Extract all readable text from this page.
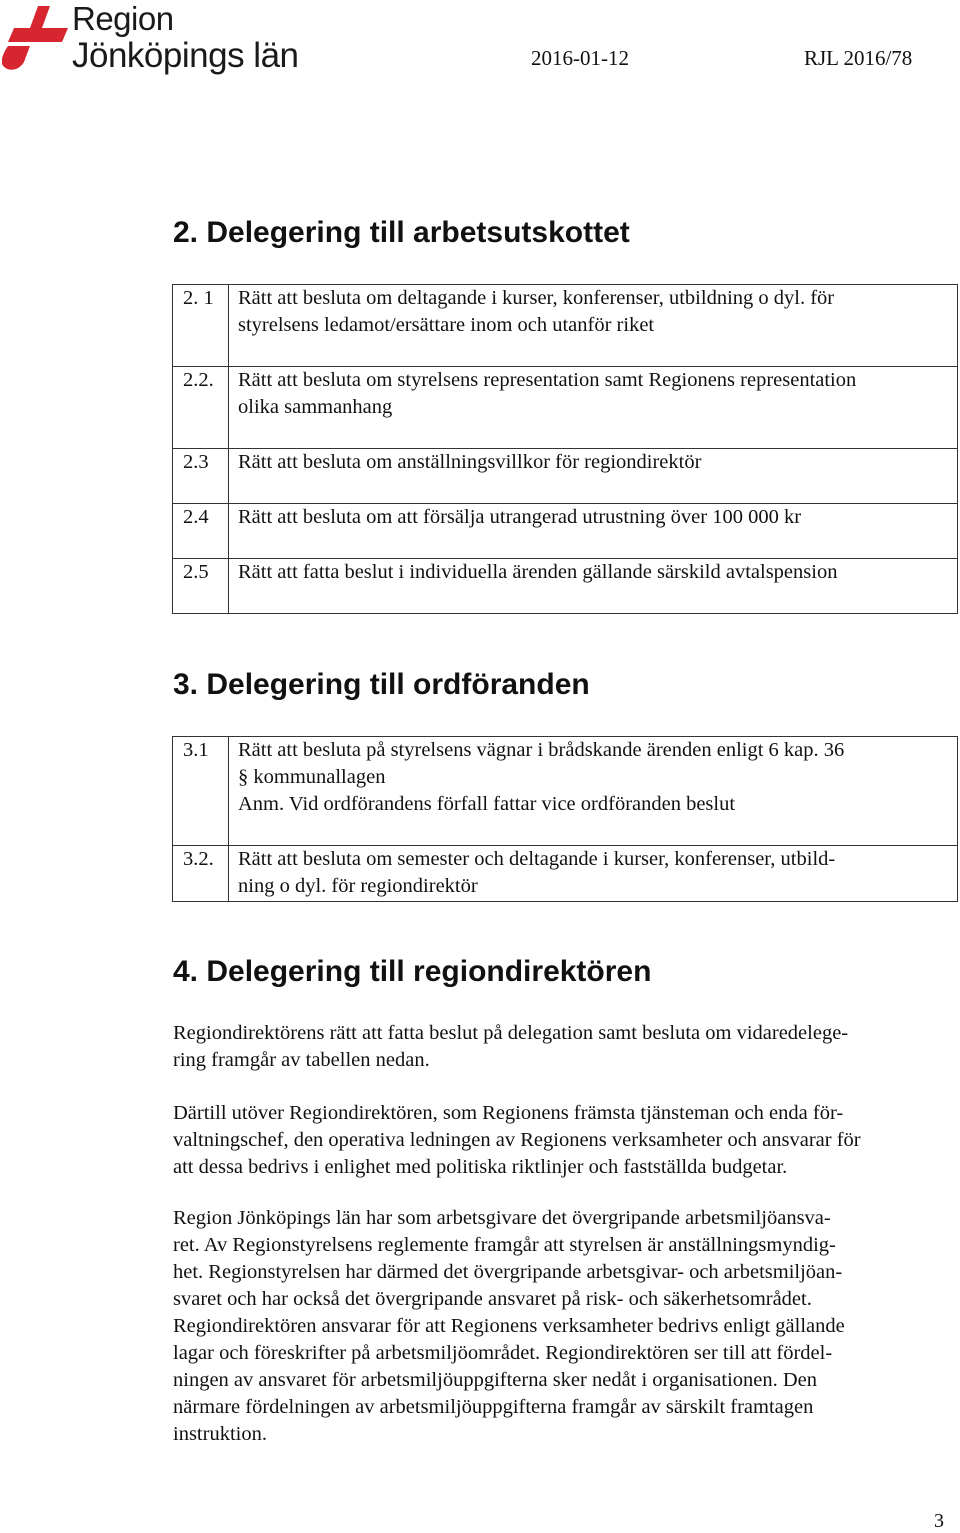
Region
Jönköpings län	2016-01-12	RJL 2016/78
2. Delegering till arbetsutskottet
2. 1	Rätt att besluta om deltagande i kurser, konferenser, utbildning o dyl. för
styrelsens ledamot/ersättare inom och utanför riket

2.2.	Rätt att besluta om styrelsens representation samt Regionens representation
olika sammanhang

2.3	Rätt att besluta om anställningsvillkor för regiondirektör

2.4	Rätt att besluta om att försälja utrangerad utrustning över 100 000 kr

2.5	Rätt att fatta beslut i individuella ärenden gällande särskild avtalspension
3. Delegering till ordföranden
3.1	Rätt att besluta på styrelsens vägnar i brådskande ärenden enligt 6 kap. 36
§ kommunallagen
Anm. Vid ordförandens förfall fattar vice ordföranden beslut

3.2.	Rätt att besluta om semester och deltagande i kurser, konferenser, utbild-
ning o dyl. för regiondirektör
4. Delegering till regiondirektören

Regiondirektörens rätt att fatta beslut på delegation samt besluta om vidaredelege-
ring framgår av tabellen nedan.

Därtill utöver Regiondirektören, som Regionens främsta tjänsteman och enda för-
valtningschef, den operativa ledningen av Regionens verksamheter och ansvarar för
att dessa bedrivs i enlighet med politiska riktlinjer och fastställda budgetar.

Region Jönköpings län har som arbetsgivare det övergripande arbetsmiljöansva-
ret. Av Regionstyrelsens reglemente framgår att styrelsen är anställningsmyndig-
het. Regionstyrelsen har därmed det övergripande arbetsgivar- och arbetsmiljöan-
svaret och har också det övergripande ansvaret på risk- och säkerhetsområdet.
Regiondirektören ansvarar för att Regionens verksamheter bedrivs enligt gällande
lagar och föreskrifter på arbetsmiljöområdet. Regiondirektören ser till att fördel-
ningen av ansvaret för arbetsmiljöuppgifterna sker nedåt i organisationen. Den
närmare fördelningen av arbetsmiljöuppgifterna framgår av särskilt framtagen
instruktion.

3
